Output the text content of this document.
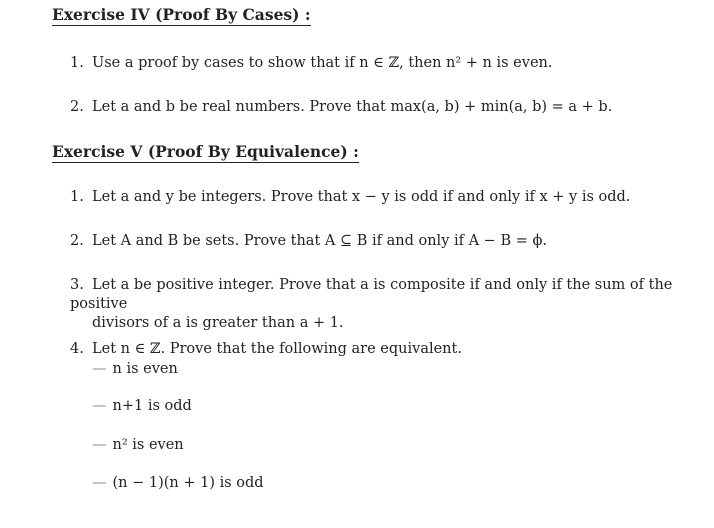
Exercise IV (Proof By Cases) :
1. Use a proof by cases to show that if n ∈ ℤ, then n² + n is even.
2. Let a and b be real numbers. Prove that max(a, b) + min(a, b) = a + b.
Exercise V (Proof By Equivalence) :
1. Let a and y be integers. Prove that x − y is odd if and only if x + y is odd.
2. Let A and B be sets. Prove that A ⊆ B if and only if A − B = ϕ.
3. Let a be positive integer. Prove that a is composite if and only if the sum of the positive
divisors of a is greater than a + 1.
4. Let n ∈ ℤ. Prove that the following are equivalent.
— n is even
— n+1 is odd
— n² is even
— (n − 1)(n + 1) is odd
